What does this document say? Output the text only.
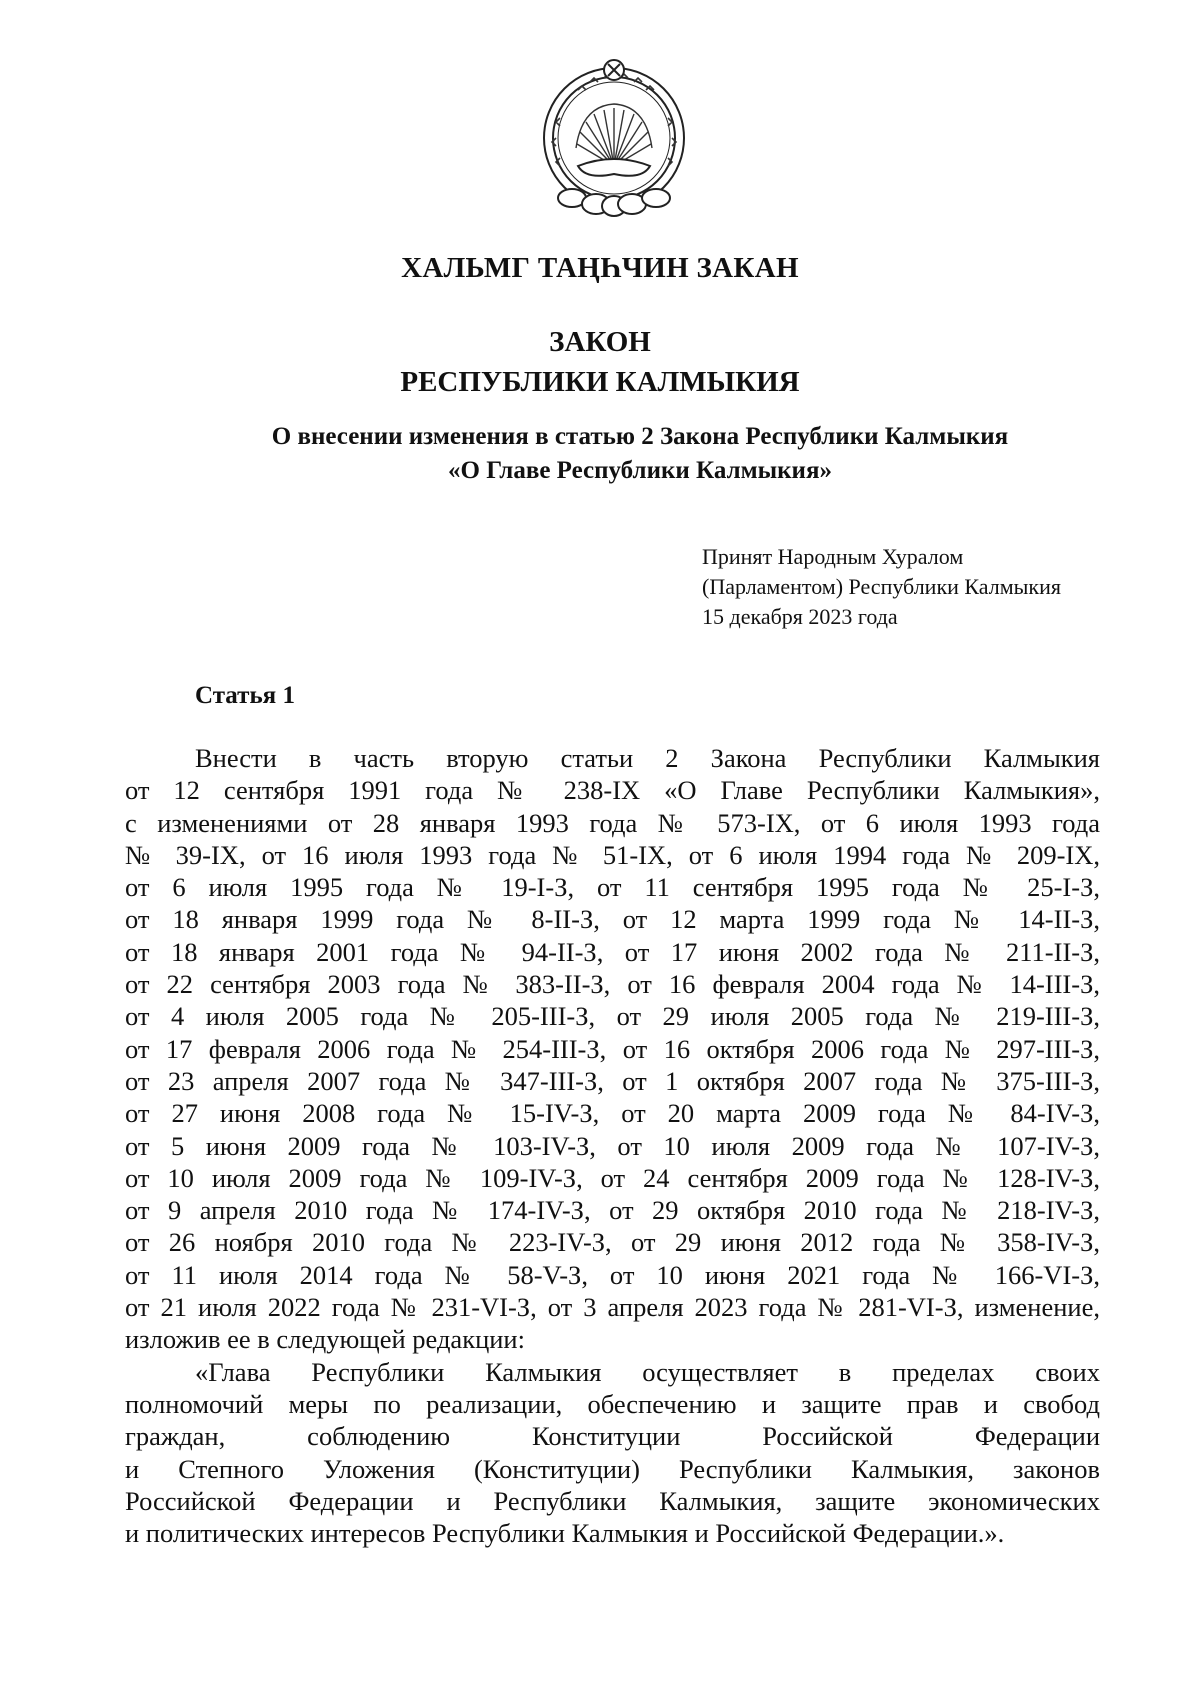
ХАЛЬМГ ТАҢҺЧИН ЗАКАН
ЗАКОН
РЕСПУБЛИКИ КАЛМЫКИЯ
О внесении изменения в статью 2 Закона Республики Калмыкия
«О Главе Республики Калмыкия»
Принят Народным Хуралом
(Парламентом) Республики Калмыкия
15 декабря 2023 года
Статья 1
Внести в часть вторую статьи 2 Закона Республики Калмыкия
от 12 сентября 1991 года № 238-IX «О Главе Республики Калмыкия»,
с изменениями от 28 января 1993 года № 573-IX, от 6 июля 1993 года
№ 39-IX, от 16 июля 1993 года № 51-IX, от 6 июля 1994 года № 209-IX,
от 6 июля 1995 года № 19-I-З, от 11 сентября 1995 года № 25-I-З,
от 18 января 1999 года № 8-II-З, от 12 марта 1999 года № 14-II-З,
от 18 января 2001 года № 94-II-З, от 17 июня 2002 года № 211-II-З,
от 22 сентября 2003 года № 383-II-З, от 16 февраля 2004 года № 14-III-З,
от 4 июля 2005 года № 205-III-З, от 29 июля 2005 года № 219-III-З,
от 17 февраля 2006 года № 254-III-З, от 16 октября 2006 года № 297-III-З,
от 23 апреля 2007 года № 347-III-З, от 1 октября 2007 года № 375-III-З,
от 27 июня 2008 года № 15-IV-З, от 20 марта 2009 года № 84-IV-З,
от 5 июня 2009 года № 103-IV-З, от 10 июля 2009 года № 107-IV-З,
от 10 июля 2009 года № 109-IV-З, от 24 сентября 2009 года № 128-IV-З,
от 9 апреля 2010 года № 174-IV-З, от 29 октября 2010 года № 218-IV-З,
от 26 ноября 2010 года № 223-IV-З, от 29 июня 2012 года № 358-IV-З,
от 11 июля 2014 года № 58-V-З, от 10 июня 2021 года № 166-VI-З,
от 21 июля 2022 года № 231-VI-З, от 3 апреля 2023 года № 281-VI-З, изменение,
изложив ее в следующей редакции:
«Глава Республики Калмыкия осуществляет в пределах своих
полномочий меры по реализации, обеспечению и защите прав и свобод
граждан, соблюдению Конституции Российской Федерации
и Степного Уложения (Конституции) Республики Калмыкия, законов
Российской Федерации и Республики Калмыкия, защите экономических
и политических интересов Республики Калмыкия и Российской Федерации.».
